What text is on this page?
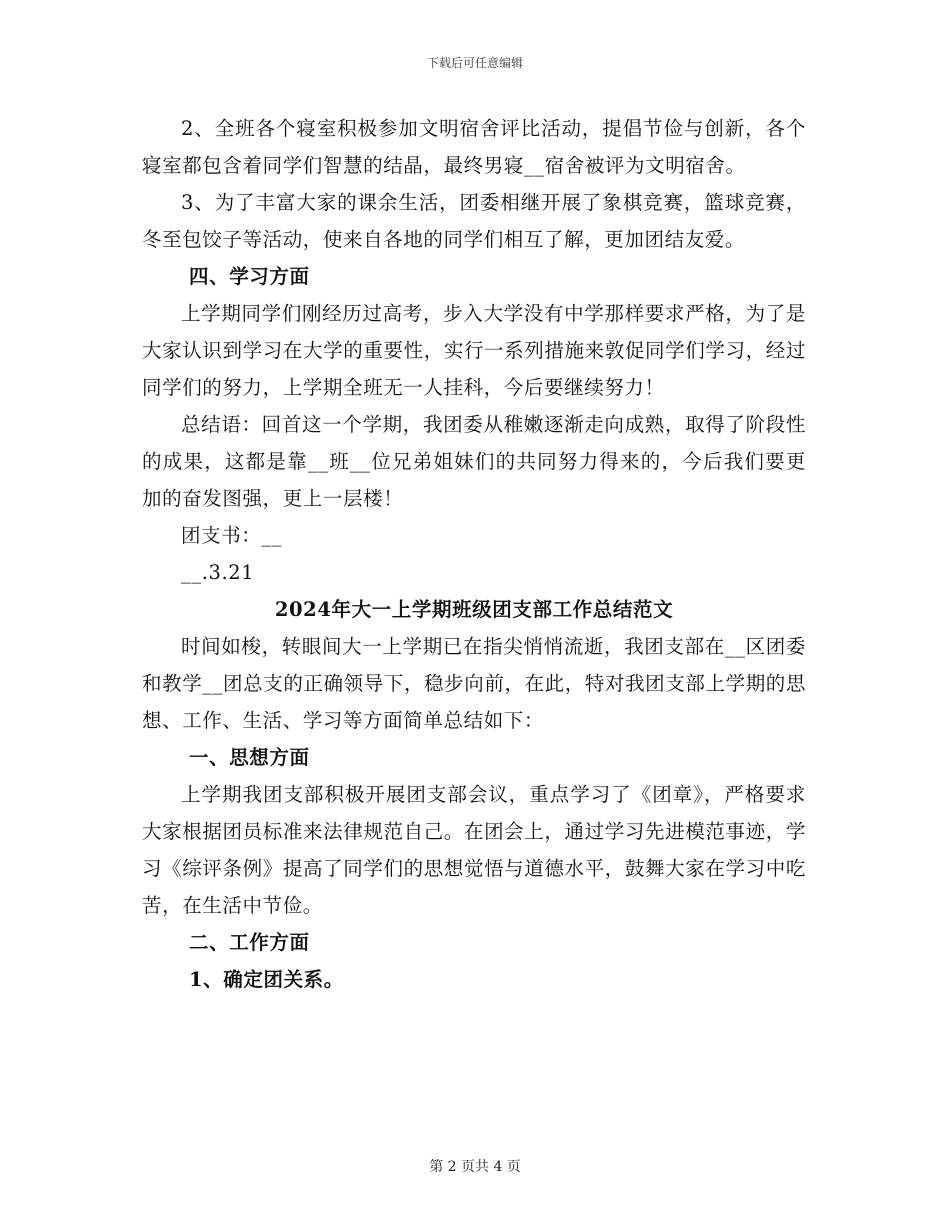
下载后可任意编辑

2、全班各个寝室积极参加文明宿舍评比活动，提倡节俭与创新，各个寝室都包含着同学们智慧的结晶，最终男寝__宿舍被评为文明宿舍。

3、为了丰富大家的课余生活，团委相继开展了象棋竞赛，篮球竞赛，冬至包饺子等活动，使来自各地的同学们相互了解，更加团结友爱。

四、学习方面

上学期同学们刚经历过高考，步入大学没有中学那样要求严格，为了是大家认识到学习在大学的重要性，实行一系列措施来敦促同学们学习，经过同学们的努力，上学期全班无一人挂科，今后要继续努力！

总结语：回首这一个学期，我团委从稚嫩逐渐走向成熟，取得了阶段性的成果，这都是靠__班__位兄弟姐妹们的共同努力得来的，今后我们要更加的奋发图强，更上一层楼！

团支书：__

__.3.21

2024年大一上学期班级团支部工作总结范文

时间如梭，转眼间大一上学期已在指尖悄悄流逝，我团支部在__区团委和教学__团总支的正确领导下，稳步向前，在此，特对我团支部上学期的思想、工作、生活、学习等方面简单总结如下：

一、思想方面

上学期我团支部积极开展团支部会议，重点学习了《团章》，严格要求大家根据团员标准来法律规范自己。在团会上，通过学习先进模范事迹，学习《综评条例》提高了同学们的思想觉悟与道德水平，鼓舞大家在学习中吃苦，在生活中节俭。

二、工作方面

1、确定团关系。

第 2 页共 4 页
